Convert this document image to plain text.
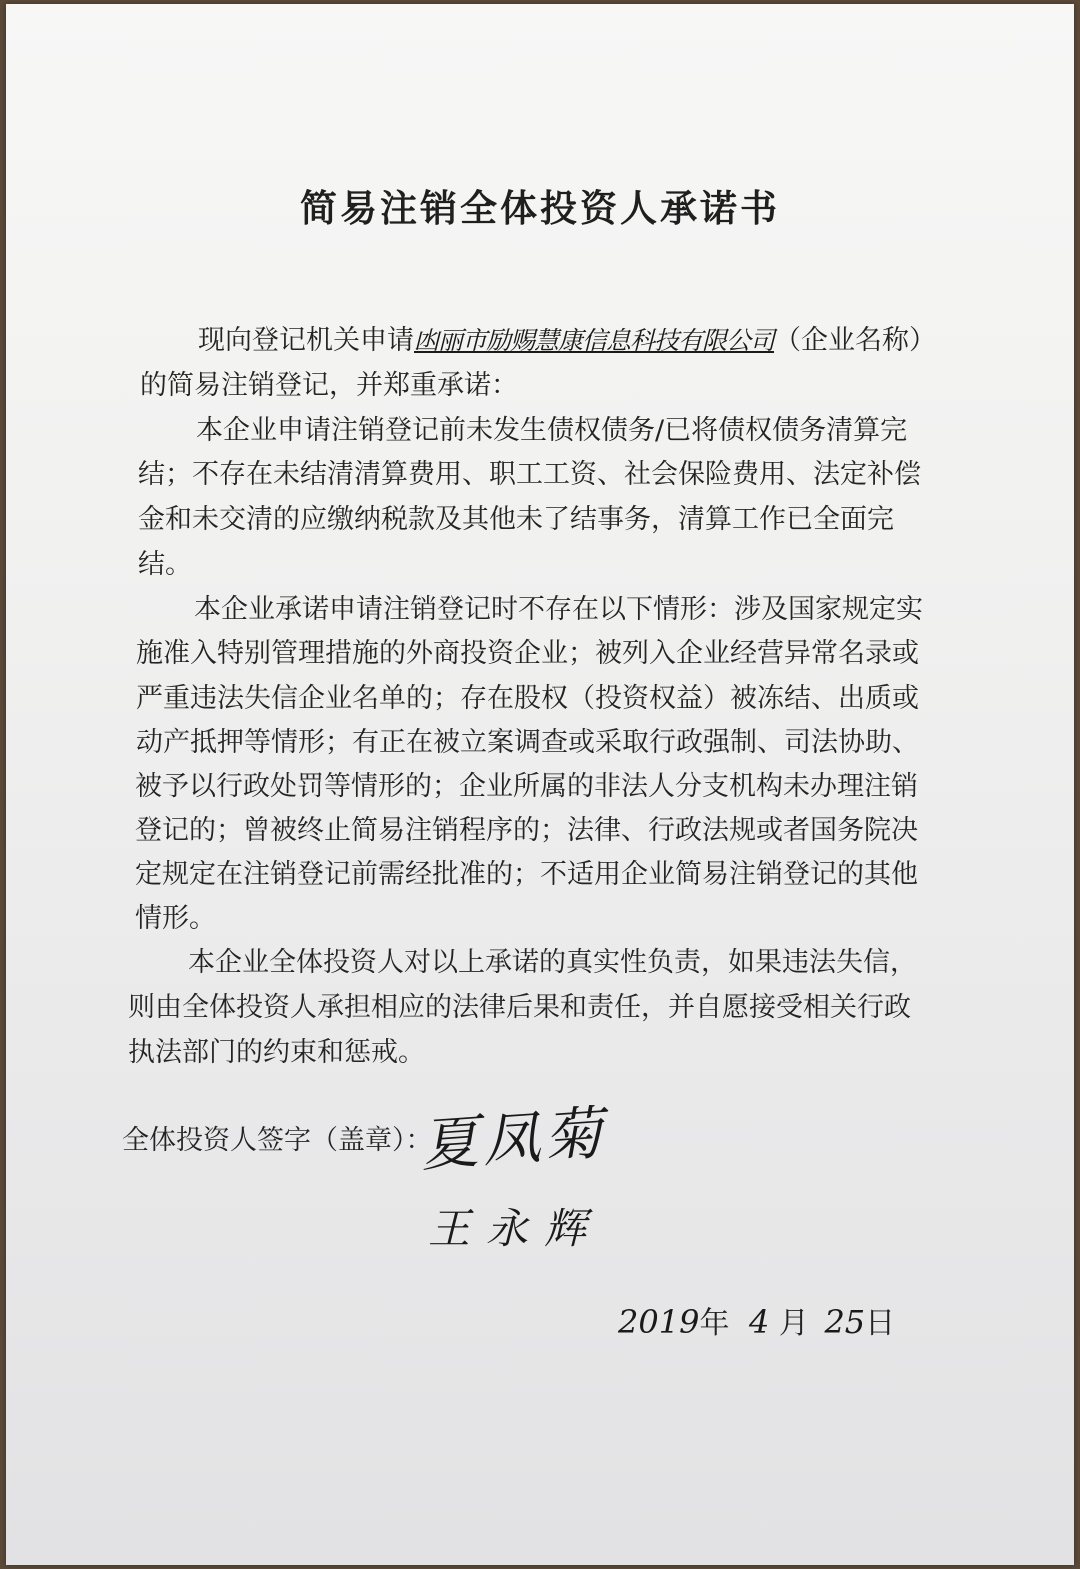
简易注销全体投资人承诺书
现向登记机关申请凼丽市励赐慧康信息科技有限公司（企业名称）
的简易注销登记，并郑重承诺：
本企业申请注销登记前未发生债权债务/已将债权债务清算完
结；不存在未结清清算费用、职工工资、社会保险费用、法定补偿
金和未交清的应缴纳税款及其他未了结事务，清算工作已全面完
结。
本企业承诺申请注销登记时不存在以下情形：涉及国家规定实
施准入特别管理措施的外商投资企业；被列入企业经营异常名录或
严重违法失信企业名单的；存在股权（投资权益）被冻结、出质或
动产抵押等情形；有正在被立案调查或采取行政强制、司法协助、
被予以行政处罚等情形的；企业所属的非法人分支机构未办理注销
登记的；曾被终止简易注销程序的；法律、行政法规或者国务院决
定规定在注销登记前需经批准的；不适用企业简易注销登记的其他
情形。
本企业全体投资人对以上承诺的真实性负责，如果违法失信，
则由全体投资人承担相应的法律后果和责任，并自愿接受相关行政
执法部门的约束和惩戒。
全体投资人签字（盖章）：
夏凤菊
王永辉
2019年 4 月 25日
